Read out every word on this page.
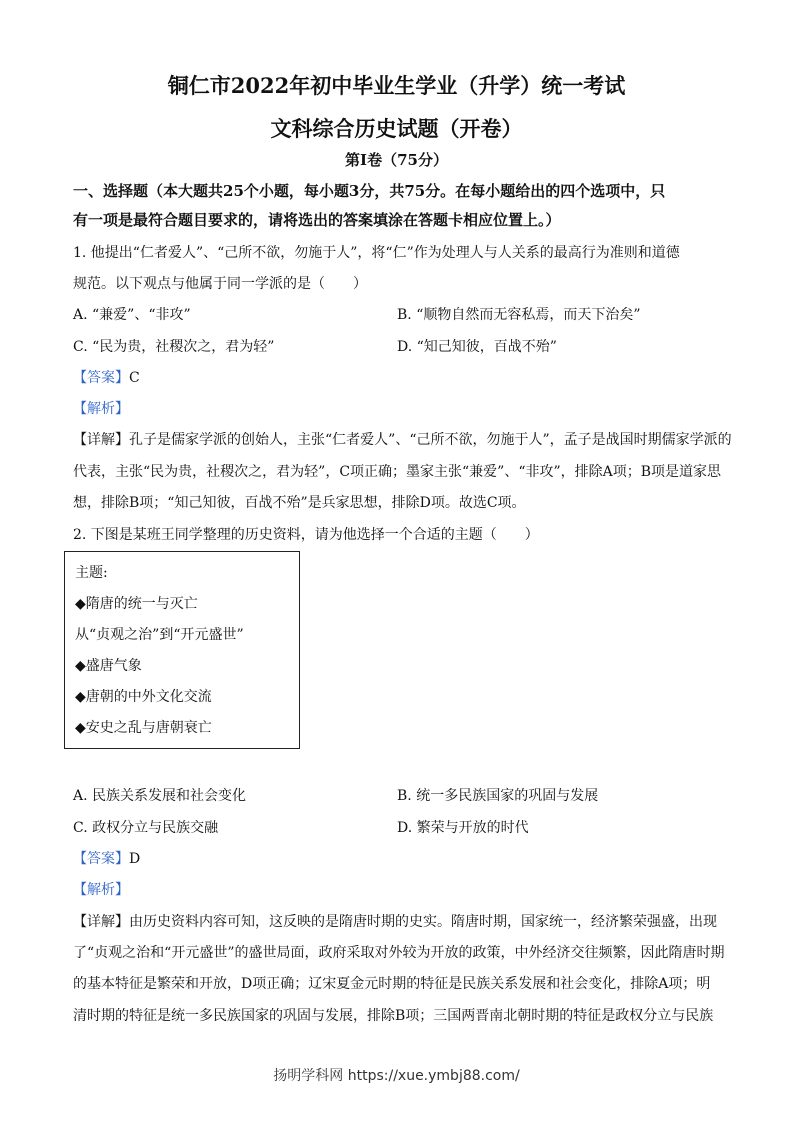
铜仁市2022年初中毕业生学业（升学）统一考试
文科综合历史试题（开卷）
第I卷（75分）
一、选择题（本大题共25个小题，每小题3分，共75分。在每小题给出的四个选项中，只
有一项是最符合题目要求的，请将选出的答案填涂在答题卡相应位置上。）
1. 他提出“仁者爱人”、“己所不欲，勿施于人”，将“仁”作为处理人与人关系的最高行为准则和道德
规范。以下观点与他属于同一学派的是（　　）
A. “兼爱”、“非攻”	B. “顺物自然而无容私焉，而天下治矣”
C. “民为贵，社稷次之，君为轻”	D. “知己知彼，百战不殆”
【答案】C
【解析】
【详解】孔子是儒家学派的创始人，主张“仁者爱人”、“己所不欲，勿施于人”，孟子是战国时期儒家学派的
代表，主张“民为贵，社稷次之，君为轻”，C项正确；墨家主张“兼爱”、“非攻”，排除A项；B项是道家思
想，排除B项；“知己知彼，百战不殆”是兵家思想，排除D项。故选C项。
2. 下图是某班王同学整理的历史资料，请为他选择一个合适的主题（　　）
主题:
◆隋唐的统一与灭亡
从“贞观之治”到“开元盛世”
◆盛唐气象
◆唐朝的中外文化交流
◆安史之乱与唐朝衰亡
A. 民族关系发展和社会变化	B. 统一多民族国家的巩固与发展
C. 政权分立与民族交融	D. 繁荣与开放的时代
【答案】D
【解析】
【详解】由历史资料内容可知，这反映的是隋唐时期的史实。隋唐时期，国家统一，经济繁荣强盛，出现
了“贞观之治和“开元盛世”的盛世局面，政府采取对外较为开放的政策，中外经济交往频繁，因此隋唐时期
的基本特征是繁荣和开放，D项正确；辽宋夏金元时期的特征是民族关系发展和社会变化，排除A项；明
清时期的特征是统一多民族国家的巩固与发展，排除B项；三国两晋南北朝时期的特征是政权分立与民族
扬明学科网 https://xue.ymbj88.com/
